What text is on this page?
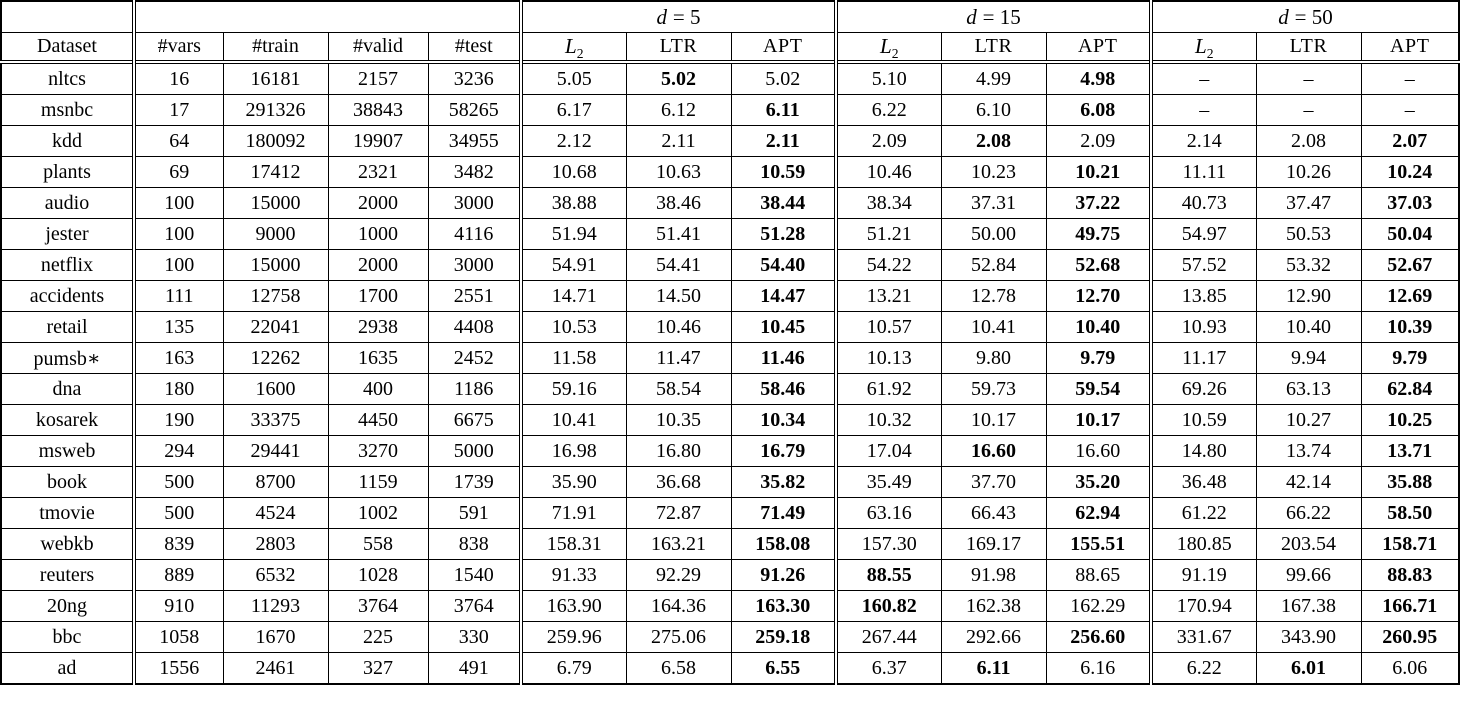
					d = 5			d = 15			d = 50		
Dataset	#vars	#train	#valid	#test	$L_2$	LTR	APT	$L_2$	LTR	APT	$L_2$	LTR	APT
nltcs	16	16181	2157	3236	5.05	5.02	5.02	5.10	4.99	4.98	–	–	–
msnbc	17	291326	38843	58265	6.17	6.12	6.11	6.22	6.10	6.08	–	–	–
kdd	64	180092	19907	34955	2.12	2.11	2.11	2.09	2.08	2.09	2.14	2.08	2.07
plants	69	17412	2321	3482	10.68	10.63	10.59	10.46	10.23	10.21	11.11	10.26	10.24
audio	100	15000	2000	3000	38.88	38.46	38.44	38.34	37.31	37.22	40.73	37.47	37.03
jester	100	9000	1000	4116	51.94	51.41	51.28	51.21	50.00	49.75	54.97	50.53	50.04
netflix	100	15000	2000	3000	54.91	54.41	54.40	54.22	52.84	52.68	57.52	53.32	52.67
accidents	111	12758	1700	2551	14.71	14.50	14.47	13.21	12.78	12.70	13.85	12.90	12.69
retail	135	22041	2938	4408	10.53	10.46	10.45	10.57	10.41	10.40	10.93	10.40	10.39
pumsb∗	163	12262	1635	2452	11.58	11.47	11.46	10.13	9.80	9.79	11.17	9.94	9.79
dna	180	1600	400	1186	59.16	58.54	58.46	61.92	59.73	59.54	69.26	63.13	62.84
kosarek	190	33375	4450	6675	10.41	10.35	10.34	10.32	10.17	10.17	10.59	10.27	10.25
msweb	294	29441	3270	5000	16.98	16.80	16.79	17.04	16.60	16.60	14.80	13.74	13.71
book	500	8700	1159	1739	35.90	36.68	35.82	35.49	37.70	35.20	36.48	42.14	35.88
tmovie	500	4524	1002	591	71.91	72.87	71.49	63.16	66.43	62.94	61.22	66.22	58.50
webkb	839	2803	558	838	158.31	163.21	158.08	157.30	169.17	155.51	180.85	203.54	158.71
reuters	889	6532	1028	1540	91.33	92.29	91.26	88.55	91.98	88.65	91.19	99.66	88.83
20ng	910	11293	3764	3764	163.90	164.36	163.30	160.82	162.38	162.29	170.94	167.38	166.71
bbc	1058	1670	225	330	259.96	275.06	259.18	267.44	292.66	256.60	331.67	343.90	260.95
ad	1556	2461	327	491	6.79	6.58	6.55	6.37	6.11	6.16	6.22	6.01	6.06
